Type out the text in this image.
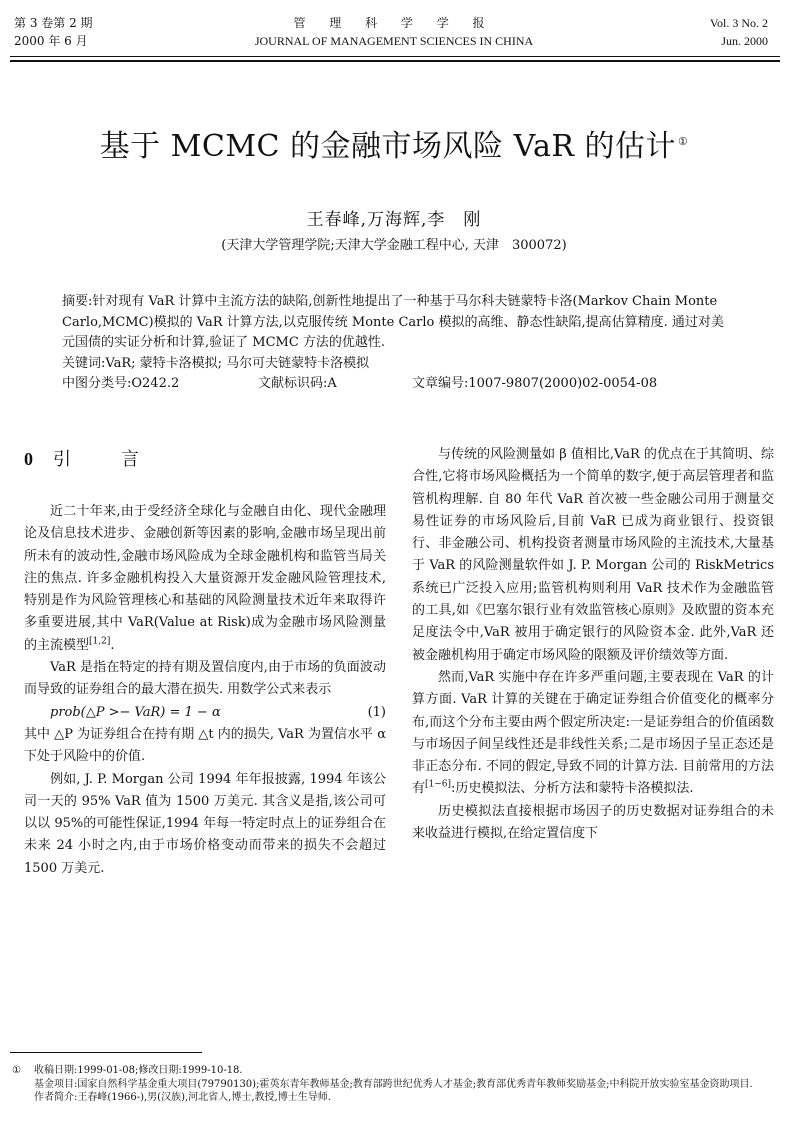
第 3 卷第 2 期
2000 年 6 月
管 理 科 学 学 报
JOURNAL OF MANAGEMENT SCIENCES IN CHINA
Vol. 3 No. 2
Jun. 2000
基于 MCMC 的金融市场风险 VaR 的估计 ①
王春峰,万海辉,李　刚
(天津大学管理学院;天津大学金融工程中心, 天津　300072)

摘要:针对现有 VaR 计算中主流方法的缺陷,创新性地提出了一种基于马尔科夫链蒙特卡洛(Markov Chain Monte Carlo,MCMC)模拟的 VaR 计算方法,以克服传统 Monte Carlo 模拟的高维、静态性缺陷,提高估算精度. 通过对美元国债的实证分析和计算,验证了 MCMC 方法的优越性.

关键词:VaR; 蒙特卡洛模拟; 马尔可夫链蒙特卡洛模拟

中图分类号:O242.2	文献标识码:A	文章编号:1007-9807(2000)02-0054-08
0 引　言

近二十年来,由于受经济全球化与金融自由化、现代金融理论及信息技术进步、金融创新等因素的影响,金融市场呈现出前所未有的波动性,金融市场风险成为全球金融机构和监管当局关注的焦点. 许多金融机构投入大量资源开发金融风险管理技术,特别是作为风险管理核心和基础的风险测量技术近年来取得许多重要进展,其中 VaR(Value at Risk)成为金融市场风险测量的主流模型[1,2].

VaR 是指在特定的持有期及置信度内,由于市场的负面波动而导致的证券组合的最大潜在损失. 用数学公式来表示

prob(△P >− VaR) = 1 − α	(1)

其中 △P 为证券组合在持有期 △t 内的损失, VaR 为置信水平 α 下处于风险中的价值.

例如, J. P. Morgan 公司 1994 年年报披露, 1994 年该公司一天的 95% VaR 值为 1500 万美元. 其含义是指,该公司可以以 95%的可能性保证,1994 年每一特定时点上的证券组合在未来 24 小时之内,由于市场价格变动而带来的损失不会超过 1500 万美元.

与传统的风险测量如 β 值相比,VaR 的优点在于其简明、综合性,它将市场风险概括为一个简单的数字,便于高层管理者和监管机构理解. 自 80 年代 VaR 首次被一些金融公司用于测量交易性证券的市场风险后,目前 VaR 已成为商业银行、投资银行、非金融公司、机构投资者测量市场风险的主流技术,大量基于 VaR 的风险测量软件如 J. P. Morgan 公司的 RiskMetrics 系统已广泛投入应用;监管机构则利用 VaR 技术作为金融监管的工具,如《巴塞尔银行业有效监管核心原则》及欧盟的资本充足度法令中,VaR 被用于确定银行的风险资本金. 此外,VaR 还被金融机构用于确定市场风险的限额及评价绩效等方面.

然而,VaR 实施中存在许多严重问题,主要表现在 VaR 的计算方面. VaR 计算的关键在于确定证券组合价值变化的概率分布,而这个分布主要由两个假定所决定:一是证券组合的价值函数与市场因子间呈线性还是非线性关系;二是市场因子呈正态还是非正态分布. 不同的假定,导致不同的计算方法. 目前常用的方法有[1−6]:历史模拟法、分析方法和蒙特卡洛模拟法.

历史模拟法直接根据市场因子的历史数据对证券组合的未来收益进行模拟,在给定置信度下

①	收稿日期:1999-01-08;修改日期:1999-10-18.

基金项目:国家自然科学基金重大项目(79790130);霍英东青年教师基金;教育部跨世纪优秀人才基金;教育部优秀青年教师奖励基金;中科院开放实验室基金资助项目.

作者简介:王春峰(1966-),男(汉族),河北省人,博士,教授,博士生导师.
